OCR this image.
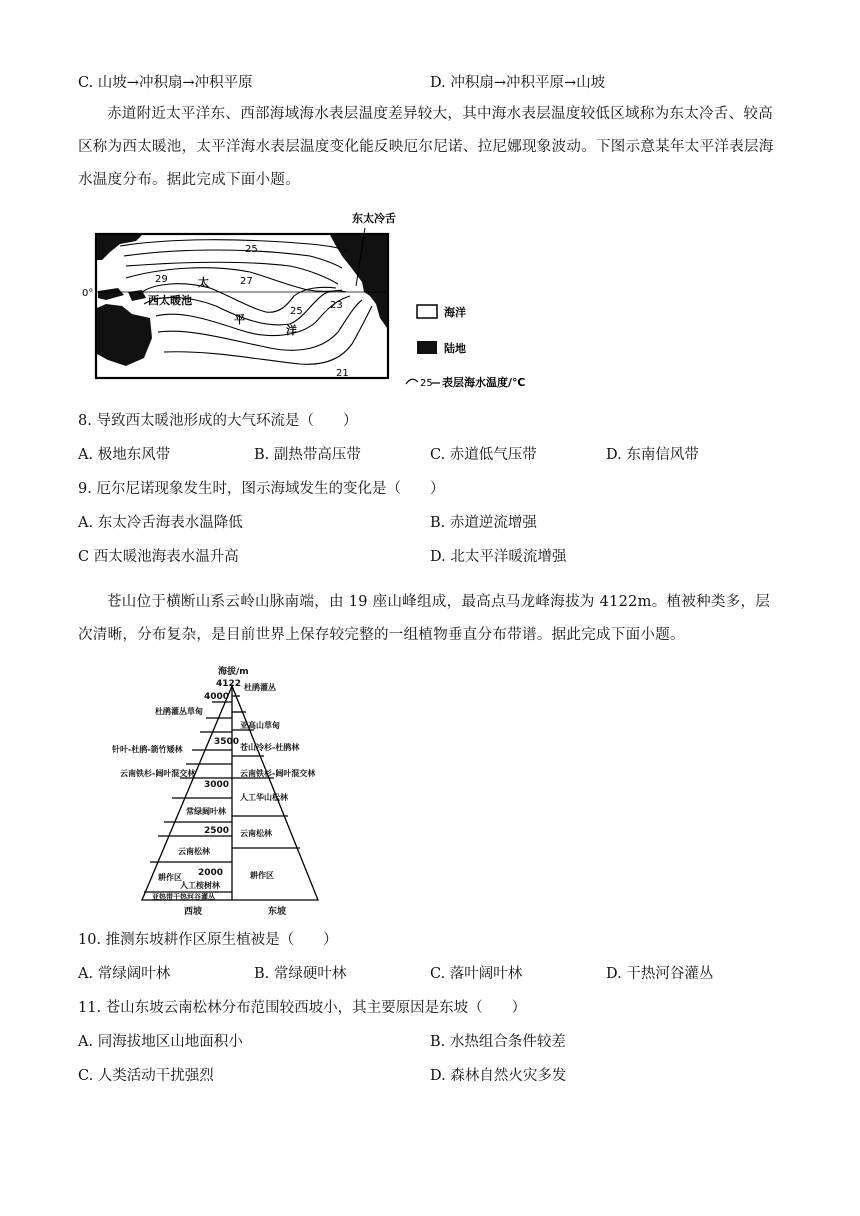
C. 山坡→冲积扇→冲积平原	D. 冲积扇→冲积平原→山坡
赤道附近太平洋东、西部海域海水表层温度差异较大，其中海水表层温度较低区域称为东太冷舌、较高区称为西太暖池，太平洋海水表层温度变化能反映厄尔尼诺、拉尼娜现象波动。下图示意某年太平洋表层海水温度分布。据此完成下面小题。
东太冷舌
西太暖池
太
平
洋
0°
29	27
25
25
23
21
海洋
陆地
25 表层海水温度/℃
8. 导致西太暖池形成的大气环流是（　　）
A. 极地东风带	B. 副热带高压带	C. 赤道低气压带	D. 东南信风带
9. 厄尔尼诺现象发生时，图示海域发生的变化是（　　）
A. 东太冷舌海表水温降低	B. 赤道逆流增强
C 西太暖池海表水温升高	D. 北太平洋暖流增强
苍山位于横断山系云岭山脉南端，由 19 座山峰组成，最高点马龙峰海拔为 4122m。植被种类多，层次清晰，分布复杂，是目前世界上保存较完整的一组植物垂直分布带谱。据此完成下面小题。
海拔/m
4122
4000
3500
3000
2500
2000
杜鹃灌丛草甸
针叶-杜鹃-箭竹矮林
云南铁杉-阔叶混交林
常绿阔叶林
云南松林
耕作区
人工桉树林
亚热带干热河谷灌丛
西坡
杜鹃灌丛
亚高山草甸
苍山冷杉-杜鹃林
云南铁杉-阔叶混交林
人工华山松林
云南松林
耕作区
东坡
10. 推测东坡耕作区原生植被是（　　）
A. 常绿阔叶林	B. 常绿硬叶林	C. 落叶阔叶林	D. 干热河谷灌丛
11. 苍山东坡云南松林分布范围较西坡小，其主要原因是东坡（　　）
A. 同海拔地区山地面积小	B. 水热组合条件较差
C. 人类活动干扰强烈	D. 森林自然火灾多发
